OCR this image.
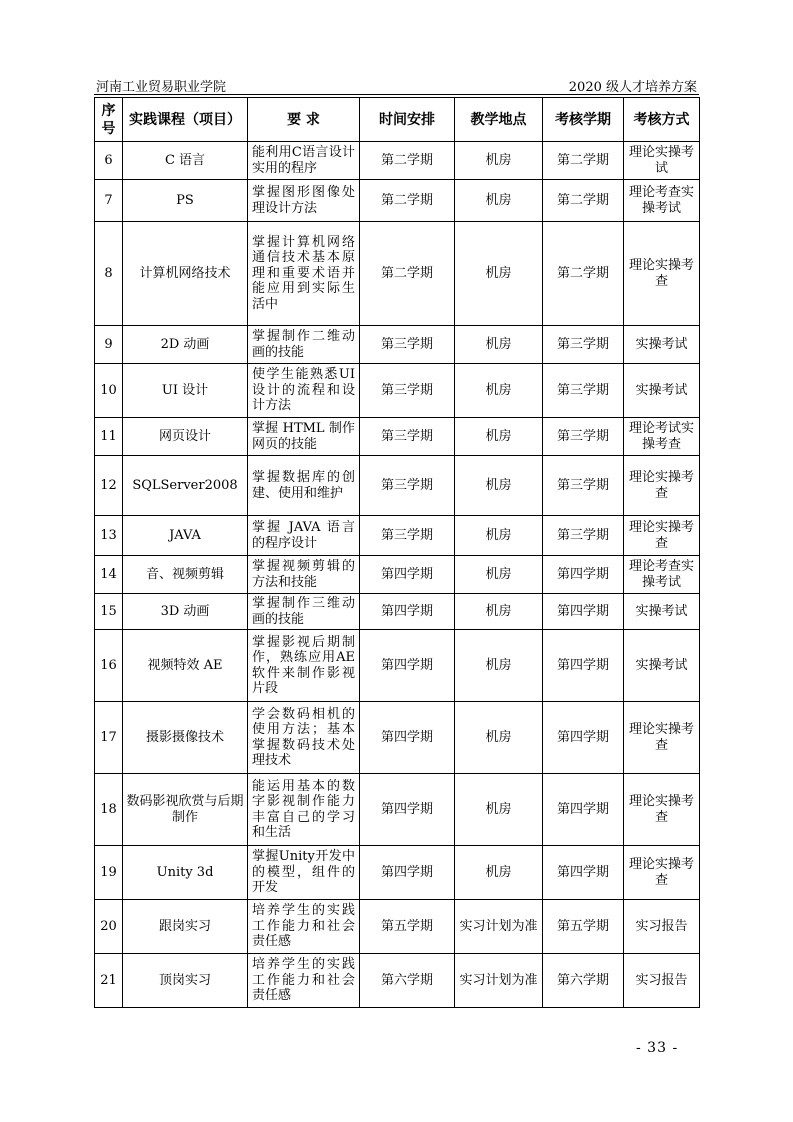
河南工业贸易职业学院	2020 级人才培养方案
序号	实践课程（项目）	要 求	时间安排	教学地点	考核学期	考核方式
6	C 语言	能利用C语言设计实用的程序	第二学期	机房	第二学期	理论实操考试
7	PS	掌握图形图像处理设计方法	第二学期	机房	第二学期	理论考查实操考试
8	计算机网络技术	掌握计算机网络通信技术基本原理和重要术语并能应用到实际生活中	第二学期	机房	第二学期	理论实操考查
9	2D 动画	掌握制作二维动画的技能	第三学期	机房	第三学期	实操考试
10	UI 设计	使学生能熟悉UI 设计的流程和设计方法	第三学期	机房	第三学期	实操考试
11	网页设计	掌握 HTML 制作网页的技能	第三学期	机房	第三学期	理论考试实操考查
12	SQLServer2008	掌握数据库的创建、使用和维护	第三学期	机房	第三学期	理论实操考查
13	JAVA	掌握 JAVA 语言的程序设计	第三学期	机房	第三学期	理论实操考查
14	音、视频剪辑	掌握视频剪辑的方法和技能	第四学期	机房	第四学期	理论考查实操考试
15	3D 动画	掌握制作三维动画的技能	第四学期	机房	第四学期	实操考试
16	视频特效 AE	掌握影视后期制作，熟练应用AE 软件来制作影视片段	第四学期	机房	第四学期	实操考试
17	摄影摄像技术	学会数码相机的使用方法；基本掌握数码技术处理技术	第四学期	机房	第四学期	理论实操考查
18	数码影视欣赏与后期制作	能运用基本的数字影视制作能力丰富自己的学习和生活	第四学期	机房	第四学期	理论实操考查
19	Unity 3d	掌握Unity开发中的模型，组件的开发	第四学期	机房	第四学期	理论实操考查
20	跟岗实习	培养学生的实践工作能力和社会责任感	第五学期	实习计划为准	第五学期	实习报告
21	顶岗实习	培养学生的实践工作能力和社会责任感	第六学期	实习计划为准	第六学期	实习报告
- 33 -
